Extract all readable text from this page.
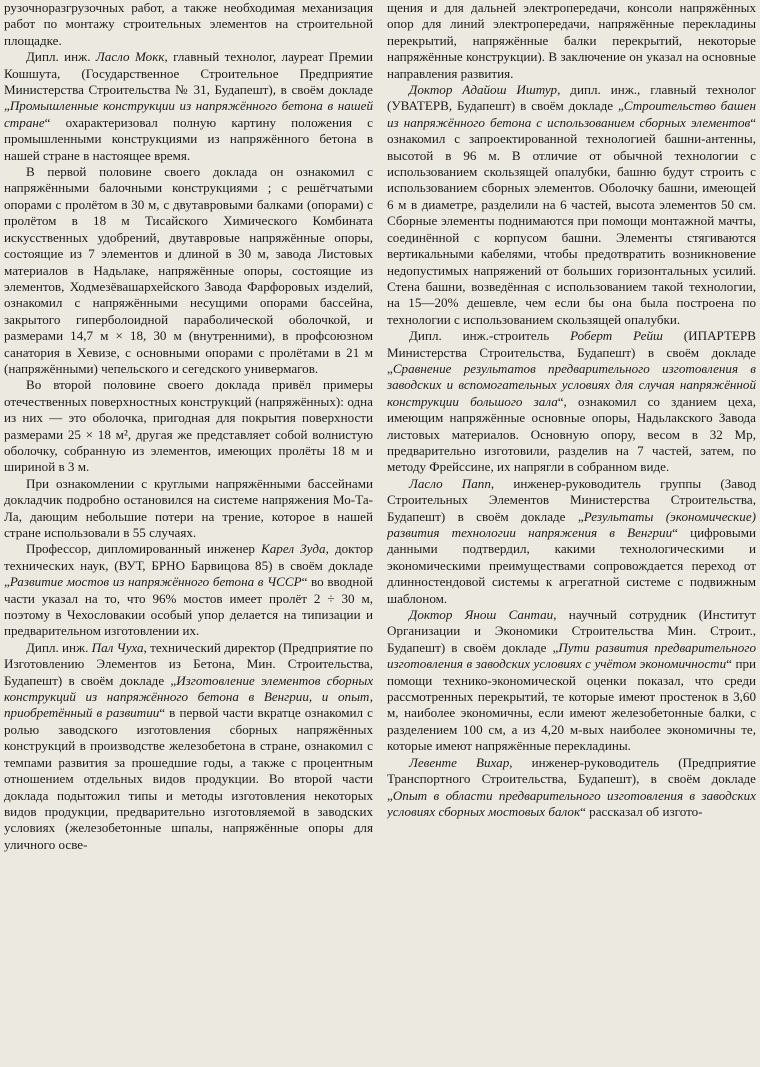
рузочноразгрузочных работ, а также необходимая механизация работ по монтажу строительных элементов на строительной площадке.

Дипл. инж. Ласло Мокк, главный технолог, лауреат Премии Кошшута, (Государственное Строительное Предприятие Министерства Строительства № 31, Будапешт), в своём докладе „Промышленные конструкции из напряжённого бетона в нашей стране“ охарактеризовал полную картину положения с промышленными конструкциями из напряжённого бетона в нашей стране в настоящее время.

В первой половине своего доклада он ознакомил с напряжёнными балочными конструкциями ; с решётчатыми опорами с пролётом в 30 м, с двутавровыми балками (опорами) с пролётом в 18 м Тисайского Химического Комбината искусственных удобрений, двутавровые напряжённые опоры, состоящие из 7 элементов и длиной в 30 м, завода Листовых материалов в Надьлаке, напряжённые опоры, состоящие из элементов, Ходмезёвашархейского Завода Фарфоровых изделий, ознакомил с напряжёнными несущими опорами бассейна, закрытого гиперболоидной параболической оболочкой, и размерами 14,7 м × 18, 30 м (внутренними), в профсоюзном санатория в Хевизе, с основными опорами с пролётами в 21 м (напряжёнными) чепельского и сегедского универмагов.

Во второй половине своего доклада привёл примеры отечественных поверхностных конструкций (напряжённых): одна из них — это оболочка, пригодная для покрытия поверхности размерами 25 × 18 м², другая же представляет собой волнистую оболочку, собранную из элементов, имеющих пролёты 18 м и шириной в 3 м.

При ознакомлении с круглыми напряжёнными бассейнами докладчик подробно остановился на системе напряжения Мо-Та-Ла, дающим небольшие потери на трение, которое в нашей стране использовали в 55 случаях.

Профессор, дипломированный инженер Карел Зуда, доктор технических наук, (ВУТ, БРНО Барвицова 85) в своём докладе „Развитие мостов из напряжённого бетона в ЧССР“ во вводной части указал на то, что 96% мостов имеет пролёт 2 ÷ 30 м, поэтому в Чехословакии особый упор делается на типизации и предварительном изготовлении их.

Дипл. инж. Пал Чуха, технический директор (Предприятие по Изготовлению Элементов из Бетона, Мин. Строительства, Будапешт) в своём докладе „Изготовление элементов сборных конструкций из напряжённого бетона в Венгрии, и опыт, приобретённый в развитии“ в первой части вкратце ознакомил с ролью заводского изготовления сборных напряжённых конструкций в производстве железобетона в стране, ознакомил с темпами развития за прошедшие годы, а также с процентным отношением отдельных видов продукции. Во второй части доклада подытожил типы и методы изготовления некоторых видов продукции, предварительно изготовляемой в заводских условиях (железобетонные шпалы, напряжённые опоры для уличного осве-

щения и для дальней электропередачи, консоли напряжённых опор для линий электропередачи, напряжённые перекладины перекрытий, напряжённые балки перекрытий, некоторые напряжённые конструкции). В заключение он указал на основные направления развития.

Доктор Адайош Иштур, дипл. инж., главный технолог (УВАТЕРВ, Будапешт) в своём докладе „Строительство башен из напряжённого бетона с использованием сборных элементов“ ознакомил с запроектированной технологией башни-антенны, высотой в 96 м. В отличие от обычной технологии с использованием скользящей опалубки, башню будут строить с использованием сборных элементов. Оболочку башни, имеющей 6 м в диаметре, разделили на 6 частей, высота элементов 50 см. Сборные элементы поднимаются при помощи монтажной мачты, соединённой с корпусом башни. Элементы стягиваются вертикальными кабелями, чтобы предотвратить возникновение недопустимых напряжений от больших горизонтальных усилий. Стена башни, возведённая с использованием такой технологии, на 15—20% дешевле, чем если бы она была построена по технологии с использованием скользящей опалубки.

Дипл. инж.-строитель Роберт Рейш (ИПАРТЕРВ Министерства Строительства, Будапешт) в своём докладе „Сравнение результатов предварительного изготовления в заводских и вспомогательных условиях для случая напряжённой конструкции большого зала“, ознакомил со зданием цеха, имеющим напряжённые основные опоры, Надьлакского Завода листовых материалов. Основную опору, весом в 32 Мр, предварительно изготовили, разделив на 7 частей, затем, по методу Фрейссине, их напрягли в собранном виде.

Ласло Папп, инженер-руководитель группы (Завод Строительных Элементов Министерства Строительства, Будапешт) в своём докладе „Результаты (экономические) развития технологии напряжения в Венгрии“ цифровыми данными подтвердил, какими технологическими и экономическими преимуществами сопровождается переход от длинностендовой системы к агрегатной системе с подвижным шаблоном.

Доктор Янош Сантаи, научный сотрудник (Институт Организации и Экономики Строительства Мин. Строит., Будапешт) в своём докладе „Пути развития предварительного изготовления в заводских условиях с учётом экономичности“ при помощи технико-экономической оценки показал, что среди рассмотренных перекрытий, те которые имеют простенок в 3,60 м, наиболее экономичны, если имеют железобетонные балки, с разделением 100 см, а из 4,20 м-вых наиболее экономичны те, которые имеют напряжённые перекладины.

Левенте Вихар, инженер-руководитель (Предприятие Транспортного Строительства, Будапешт), в своём докладе „Опыт в области предварительного изготовления в заводских условиях сборных мостовых балок“ рассказал об изгото-
